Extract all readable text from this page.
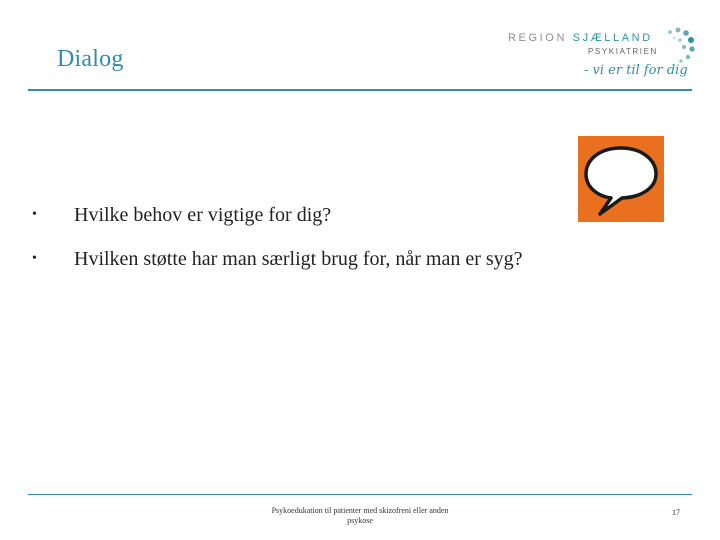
Dialog
REGION SJÆLLAND
PSYKIATRIEN
- vi er til for dig
• Hvilke behov er vigtige for dig?
• Hvilken støtte har man særligt brug for, når man er syg?
Psykoedukation til patienter med skizofreni eller anden
psykose
17
